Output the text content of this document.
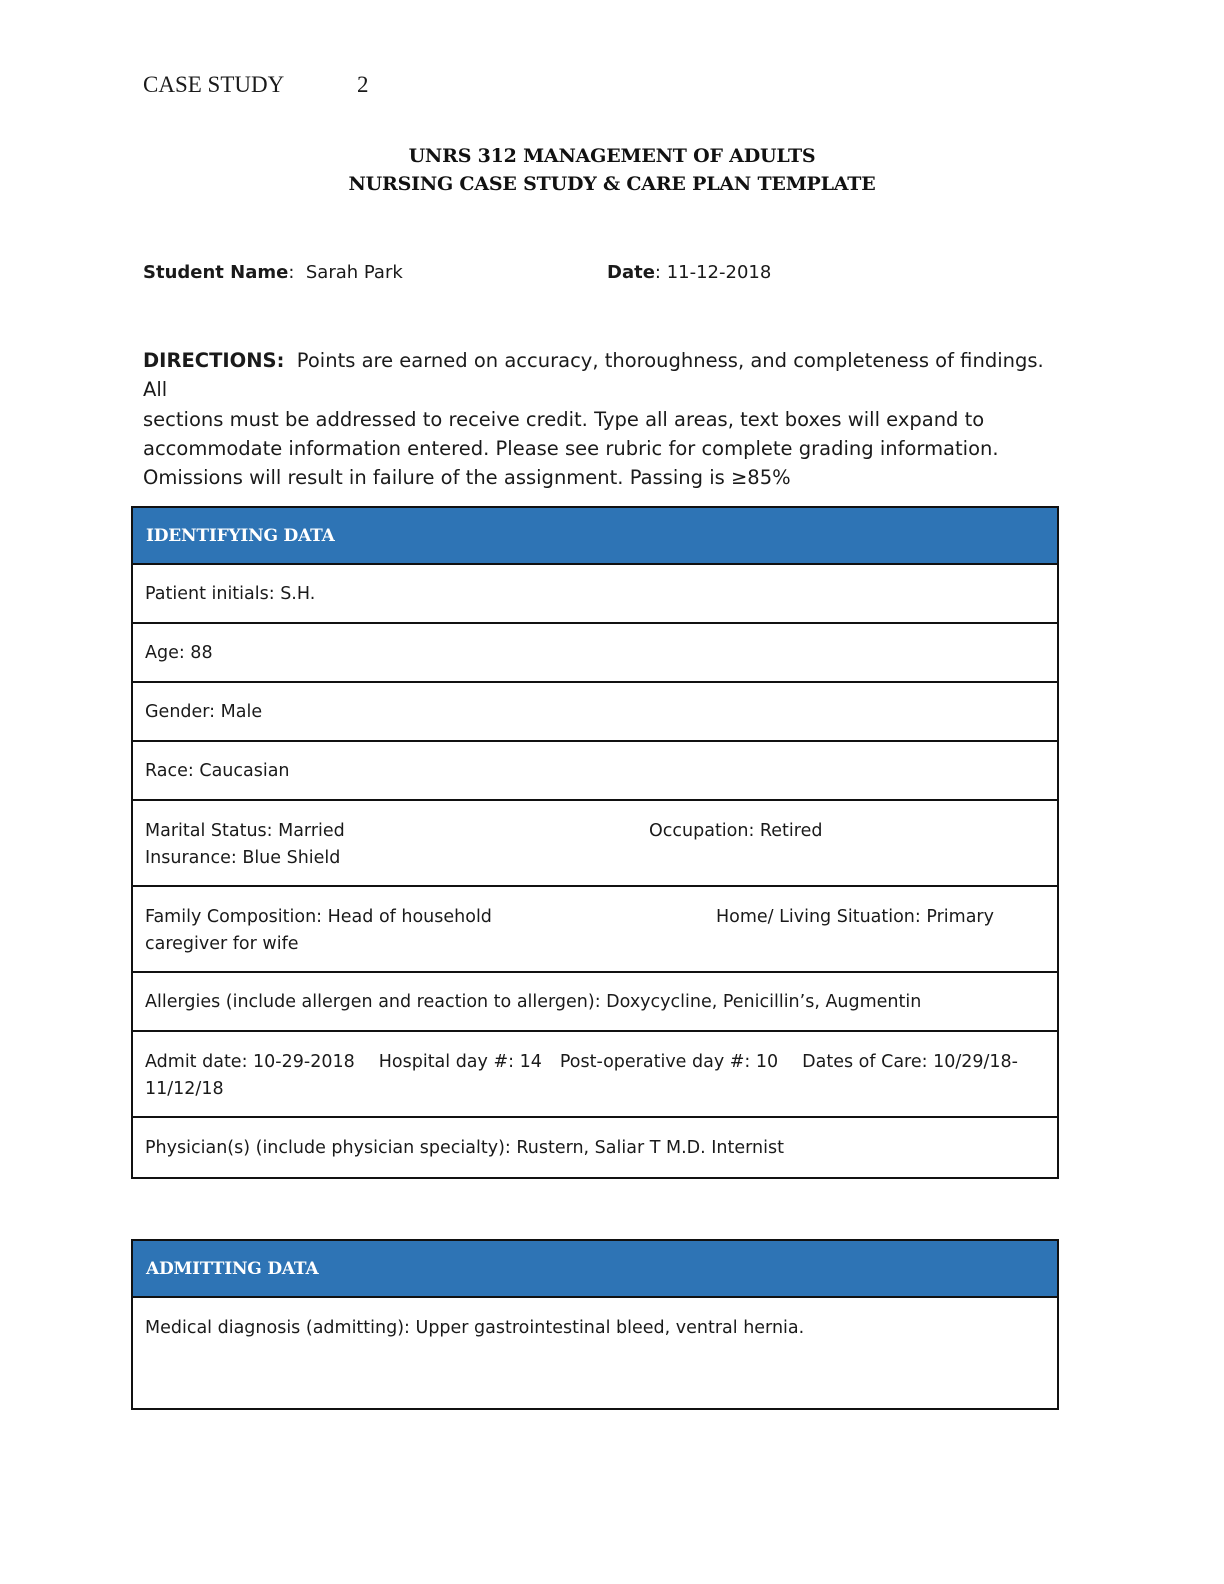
CASE STUDY	2
UNRS 312 MANAGEMENT OF ADULTS
NURSING CASE STUDY & CARE PLAN TEMPLATE
Student Name:  Sarah Park	Date: 11-12-2018

DIRECTIONS: Points are earned on accuracy, thoroughness, and completeness of findings. All

sections must be addressed to receive credit. Type all areas, text boxes will expand to

accommodate information entered. Please see rubric for complete grading information.

Omissions will result in failure of the assignment. Passing is ≥85%

IDENTIFYING DATA
Patient initials: S.H.
Age: 88
Gender: Male
Race: Caucasian
Marital Status: Married
Insurance: Blue Shield
Occupation: Retired
Family Composition: Head of household
caregiver for wife
Home/ Living Situation: Primary
Allergies (include allergen and reaction to allergen): Doxycycline, Penicillin’s, Augmentin
Admit date: 10-29-2018 Hospital day #: 14 Post-operative day #: 10 Dates of Care: 10/29/18-
11/12/18
Physician(s) (include physician specialty): Rustern, Saliar T M.D. Internist
ADMITTING DATA
Medical diagnosis (admitting): Upper gastrointestinal bleed, ventral hernia.
